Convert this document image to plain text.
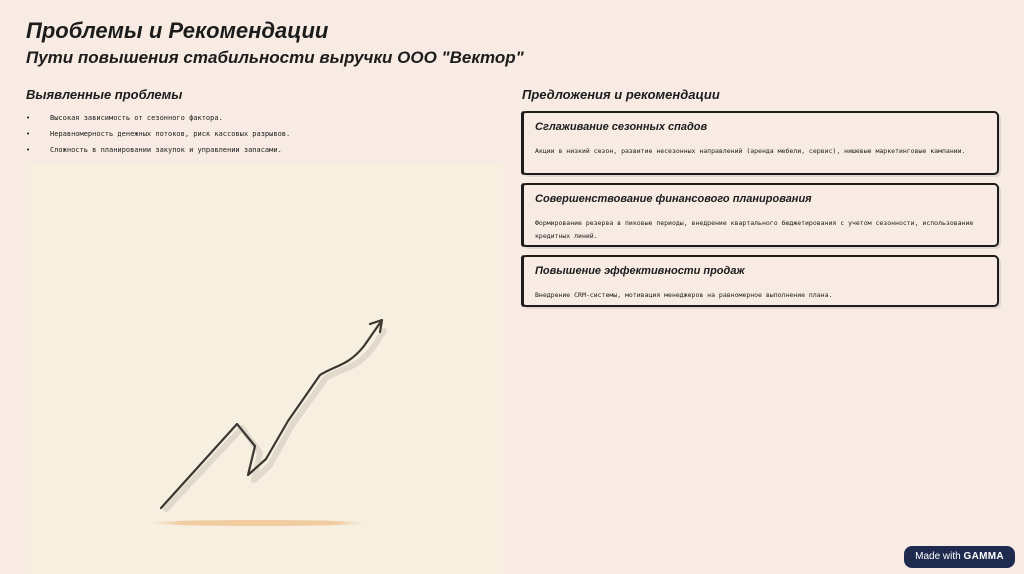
Проблемы и Рекомендации
Пути повышения стабильности выручки ООО "Вектор"
Выявленные проблемы
•	Высокая зависимость от сезонного фактора.
•	Неравномерность денежных потоков, риск кассовых разрывов.
•	Сложность в планировании закупок и управлении запасами.
Предложения и рекомендации

Сглаживание сезонных спадов

Акции в низкий сезон, развитие несезонных направлений (аренда мебели, сервис), нишевые маркетинговые кампании.

Совершенствование финансового планирования

Формирование резерва в пиковые периоды, внедрение квартального бюджетирования с учетом сезонности, использование кредитных линий.

Повышение эффективности продаж

Внедрение CRM-системы, мотивация менеджеров на равномерное выполнение плана.

Made with GAMMA
